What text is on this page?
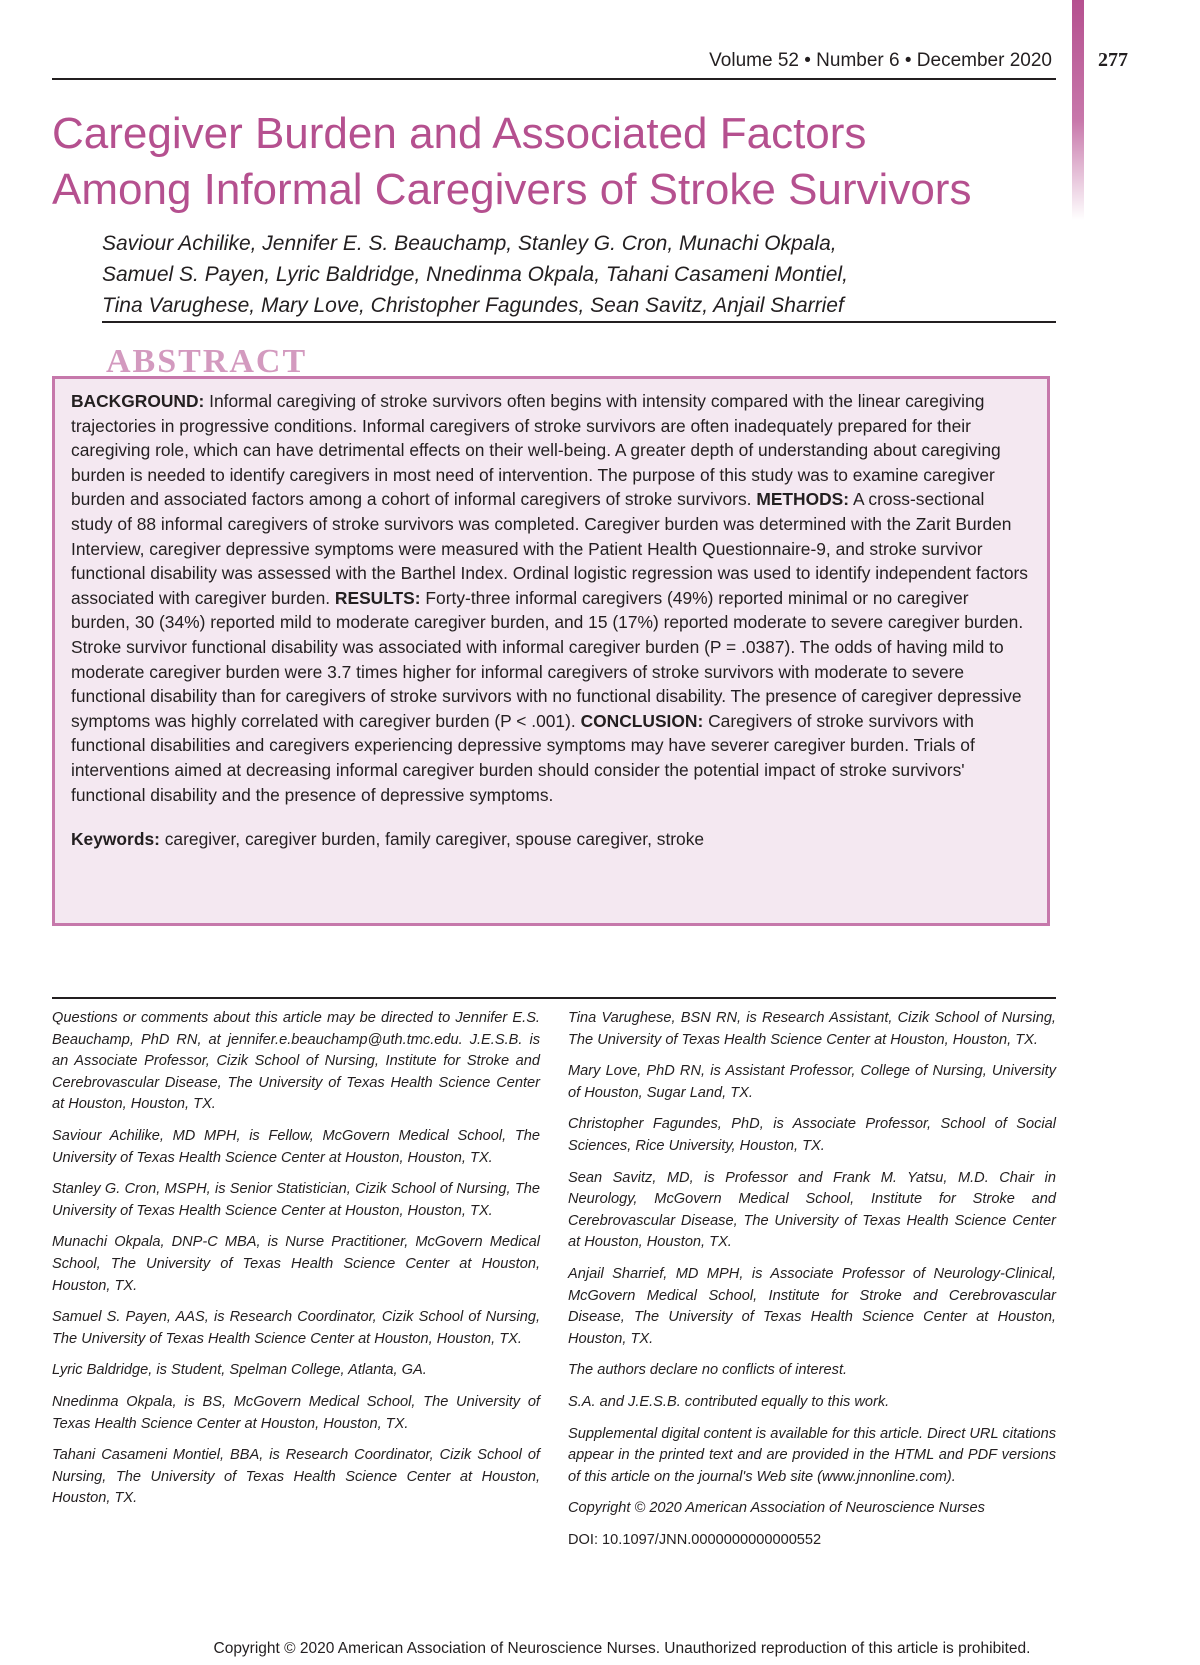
Volume 52 • Number 6 • December 2020 277
Caregiver Burden and Associated Factors
Among Informal Caregivers of Stroke Survivors
Saviour Achilike, Jennifer E. S. Beauchamp, Stanley G. Cron, Munachi Okpala,
Samuel S. Payen, Lyric Baldridge, Nnedinma Okpala, Tahani Casameni Montiel,
Tina Varughese, Mary Love, Christopher Fagundes, Sean Savitz, Anjail Sharrief
BACKGROUND: Informal caregiving of stroke survivors often begins with intensity compared with the linear caregiving trajectories in progressive conditions. Informal caregivers of stroke survivors are often inadequately prepared for their caregiving role, which can have detrimental effects on their well-being. A greater depth of understanding about caregiving burden is needed to identify caregivers in most need of intervention. The purpose of this study was to examine caregiver burden and associated factors among a cohort of informal caregivers of stroke survivors. METHODS: A cross-sectional study of 88 informal caregivers of stroke survivors was completed. Caregiver burden was determined with the Zarit Burden Interview, caregiver depressive symptoms were measured with the Patient Health Questionnaire-9, and stroke survivor functional disability was assessed with the Barthel Index. Ordinal logistic regression was used to identify independent factors associated with caregiver burden. RESULTS: Forty-three informal caregivers (49%) reported minimal or no caregiver burden, 30 (34%) reported mild to moderate caregiver burden, and 15 (17%) reported moderate to severe caregiver burden. Stroke survivor functional disability was associated with informal caregiver burden (P = .0387). The odds of having mild to moderate caregiver burden were 3.7 times higher for informal caregivers of stroke survivors with moderate to severe functional disability than for caregivers of stroke survivors with no functional disability. The presence of caregiver depressive symptoms was highly correlated with caregiver burden (P < .001). CONCLUSION: Caregivers of stroke survivors with functional disabilities and caregivers experiencing depressive symptoms may have severer caregiver burden. Trials of interventions aimed at decreasing informal caregiver burden should consider the potential impact of stroke survivors' functional disability and the presence of depressive symptoms.
Keywords: caregiver, caregiver burden, family caregiver, spouse caregiver, stroke
ABSTRACT

Questions or comments about this article may be directed to Jennifer E.S. Beauchamp, PhD RN, at jennifer.e.beauchamp@uth.tmc.edu. J.E.S.B. is an Associate Professor, Cizik School of Nursing, Institute for Stroke and Cerebrovascular Disease, The University of Texas Health Science Center at Houston, Houston, TX.

Saviour Achilike, MD MPH, is Fellow, McGovern Medical School, The University of Texas Health Science Center at Houston, Houston, TX.

Stanley G. Cron, MSPH, is Senior Statistician, Cizik School of Nursing, The University of Texas Health Science Center at Houston, Houston, TX.

Munachi Okpala, DNP-C MBA, is Nurse Practitioner, McGovern Medical School, The University of Texas Health Science Center at Houston, Houston, TX.

Samuel S. Payen, AAS, is Research Coordinator, Cizik School of Nursing, The University of Texas Health Science Center at Houston, Houston, TX.

Lyric Baldridge, is Student, Spelman College, Atlanta, GA.

Nnedinma Okpala, is BS, McGovern Medical School, The University of Texas Health Science Center at Houston, Houston, TX.

Tahani Casameni Montiel, BBA, is Research Coordinator, Cizik School of Nursing, The University of Texas Health Science Center at Houston, Houston, TX.

Tina Varughese, BSN RN, is Research Assistant, Cizik School of Nursing, The University of Texas Health Science Center at Houston, Houston, TX.

Mary Love, PhD RN, is Assistant Professor, College of Nursing, University of Houston, Sugar Land, TX.

Christopher Fagundes, PhD, is Associate Professor, School of Social Sciences, Rice University, Houston, TX.

Sean Savitz, MD, is Professor and Frank M. Yatsu, M.D. Chair in Neurology, McGovern Medical School, Institute for Stroke and Cerebrovascular Disease, The University of Texas Health Science Center at Houston, Houston, TX.

Anjail Sharrief, MD MPH, is Associate Professor of Neurology-Clinical, McGovern Medical School, Institute for Stroke and Cerebrovascular Disease, The University of Texas Health Science Center at Houston, Houston, TX.

The authors declare no conflicts of interest.

S.A. and J.E.S.B. contributed equally to this work.

Supplemental digital content is available for this article. Direct URL citations appear in the printed text and are provided in the HTML and PDF versions of this article on the journal's Web site (www.jnnonline.com).

Copyright © 2020 American Association of Neuroscience Nurses

DOI: 10.1097/JNN.0000000000000552

Copyright © 2020 American Association of Neuroscience Nurses. Unauthorized reproduction of this article is prohibited.
